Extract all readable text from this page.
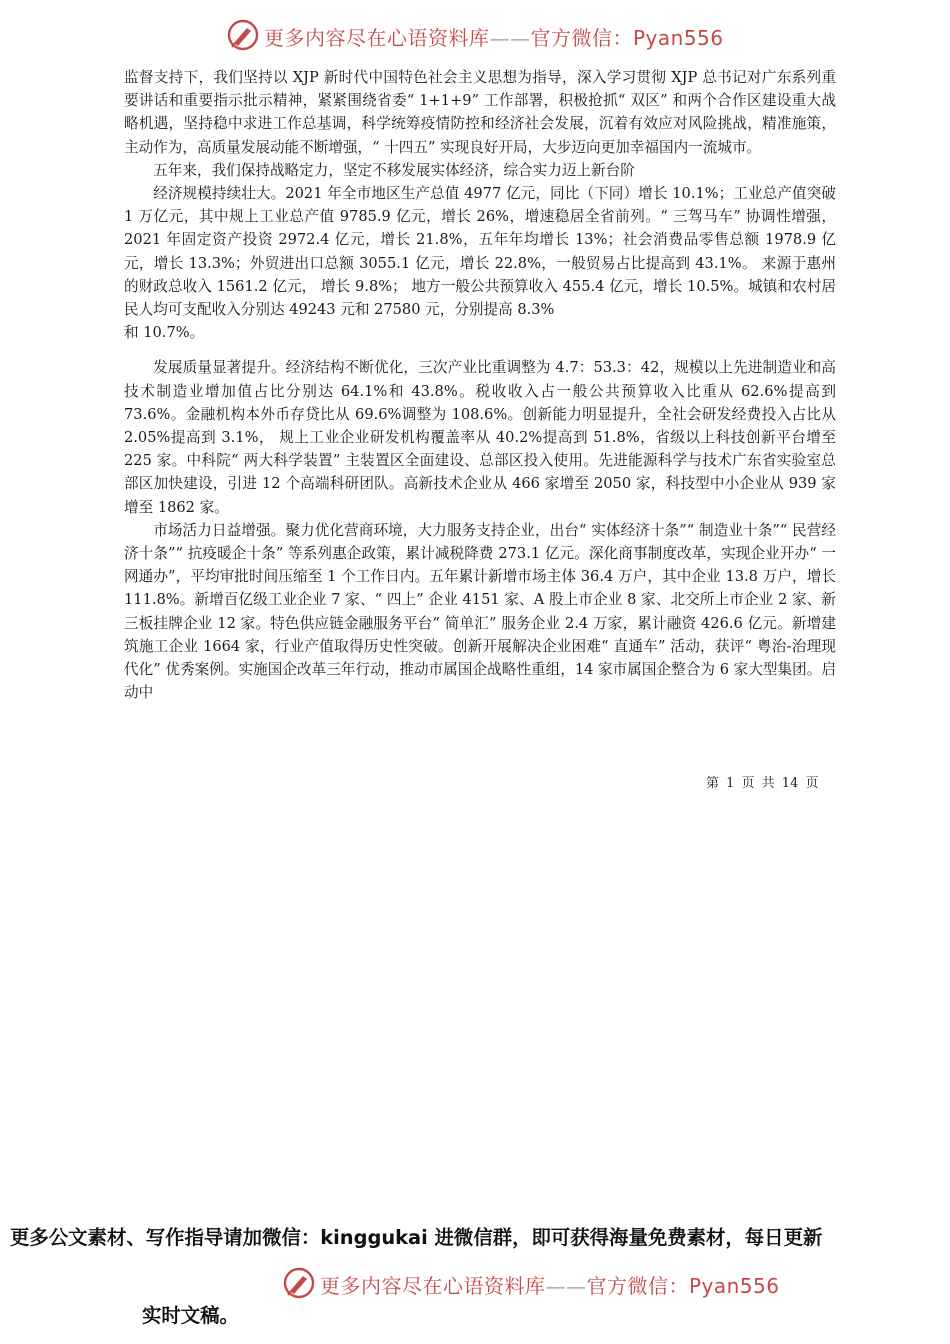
更多内容尽在心语资料库——官方微信：Pyan556

监督支持下，我们坚持以 XJP 新时代中国特色社会主义思想为指导，深入学习贯彻 XJP 总书记对广东系列重要讲话和重要指示批示精神，紧紧围绕省委“ 1+1+9” 工作部署，积极抢抓“ 双区” 和两个合作区建设重大战略机遇，坚持稳中求进工作总基调，科学统筹疫情防控和经济社会发展，沉着有效应对风险挑战，精准施策，主动作为，高质量发展动能不断增强，“ 十四五” 实现良好开局，大步迈向更加幸福国内一流城市。

五年来，我们保持战略定力，坚定不移发展实体经济，综合实力迈上新台阶

经济规模持续壮大。2021 年全市地区生产总值 4977 亿元，同比（下同）增长 10.1%；工业总产值突破 1 万亿元，其中规上工业总产值 9785.9 亿元，增长 26%，增速稳居全省前列。“ 三驾马车” 协调性增强，2021 年固定资产投资 2972.4 亿元，增长 21.8%，五年年均增长 13%；社会消费品零售总额 1978.9 亿元，增长 13.3%；外贸进出口总额 3055.1 亿元，增长 22.8%，一般贸易占比提高到 43.1%。 来源于惠州的财政总收入 1561.2 亿元， 增长 9.8%； 地方一般公共预算收入 455.4 亿元，增长 10.5%。城镇和农村居民人均可支配收入分别达 49243 元和 27580 元，分别提高 8.3%

和 10.7%。

发展质量显著提升。经济结构不断优化，三次产业比重调整为 4.7：53.3：42，规模以上先进制造业和高技术制造业增加值占比分别达 64.1%和 43.8%。税收收入占一般公共预算收入比重从 62.6%提高到 73.6%。金融机构本外币存贷比从 69.6%调整为 108.6%。创新能力明显提升，全社会研发经费投入占比从 2.05%提高到 3.1%， 规上工业企业研发机构覆盖率从 40.2%提高到 51.8%，省级以上科技创新平台增至 225 家。中科院“ 两大科学装置” 主装置区全面建设、总部区投入使用。先进能源科学与技术广东省实验室总部区加快建设，引进 12 个高端科研团队。高新技术企业从 466 家增至 2050 家，科技型中小企业从 939 家增至 1862 家。

市场活力日益增强。聚力优化营商环境，大力服务支持企业，出台“ 实体经济十条”“ 制造业十条”“ 民营经济十条”“ 抗疫暖企十条” 等系列惠企政策，累计减税降费 273.1 亿元。深化商事制度改革，实现企业开办“ 一网通办”，平均审批时间压缩至 1 个工作日内。五年累计新增市场主体 36.4 万户，其中企业 13.8 万户，增长 111.8%。新增百亿级工业企业 7 家、“ 四上” 企业 4151 家、A 股上市企业 8 家、北交所上市企业 2 家、新三板挂牌企业 12 家。特色供应链金融服务平台“ 简单汇” 服务企业 2.4 万家，累计融资 426.6 亿元。新增建筑施工企业 1664 家，行业产值取得历史性突破。创新开展解决企业困难“ 直通车” 活动，获评“ 粤治-治理现代化” 优秀案例。实施国企改革三年行动，推动市属国企战略性重组，14 家市属国企整合为 6 家大型集团。启动中

第 1 页 共 14 页
更多公文素材、写作指导请加微信：kinggukai 进微信群，即可获得海量免费素材，每日更新
更多内容尽在心语资料库——官方微信：Pyan556
实时文稿。
